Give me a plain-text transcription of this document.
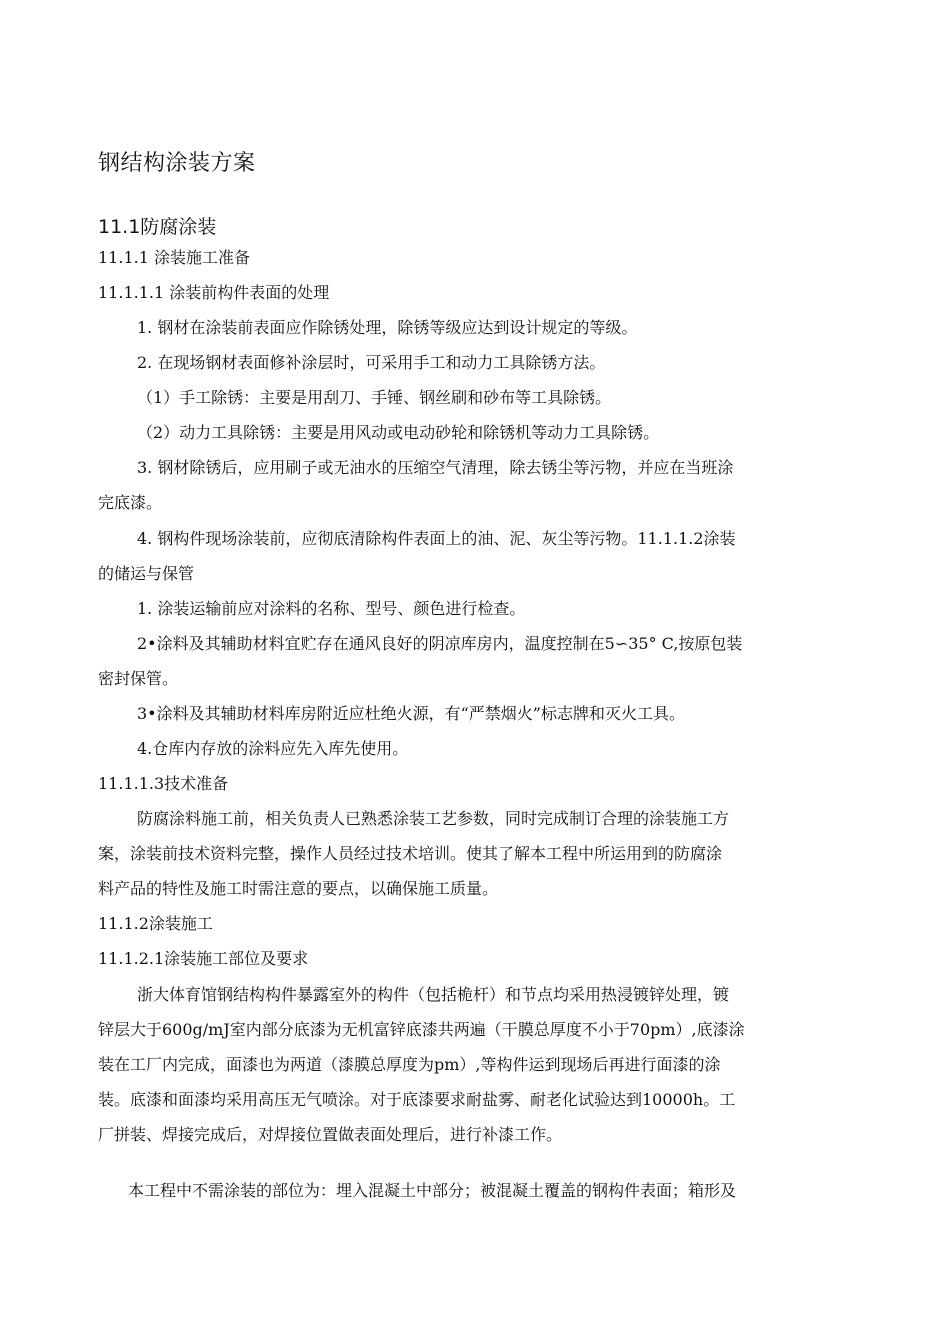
钢结构涂装方案
11.1防腐涂装
11.1.1 涂装施工准备
11.1.1.1 涂装前构件表面的处理
1. 钢材在涂装前表面应作除锈处理，除锈等级应达到设计规定的等级。
2. 在现场钢材表面修补涂层时，可采用手工和动力工具除锈方法。
（1）手工除锈：主要是用刮刀、手锤、钢丝刷和砂布等工具除锈。
（2）动力工具除锈：主要是用风动或电动砂轮和除锈机等动力工具除锈。
3. 钢材除锈后，应用刷子或无油水的压缩空气清理，除去锈尘等污物，并应在当班涂
完底漆。
4. 钢构件现场涂装前，应彻底清除构件表面上的油、泥、灰尘等污物。11.1.1.2涂装
的储运与保管
1. 涂装运输前应对涂料的名称、型号、颜色进行检查。
2•涂料及其辅助材料宜贮存在通风良好的阴凉库房内，温度控制在5∽35° C,按原包装
密封保管。
3•涂料及其辅助材料库房附近应杜绝火源，有“严禁烟火”标志牌和灭火工具。
4.仓库内存放的涂料应先入库先使用。
11.1.1.3技术准备
防腐涂料施工前，相关负责人已熟悉涂装工艺参数，同时完成制订合理的涂装施工方
案，涂装前技术资料完整，操作人员经过技术培训。使其了解本工程中所运用到的防腐涂
料产品的特性及施工时需注意的要点，以确保施工质量。
11.1.2涂装施工
11.1.2.1涂装施工部位及要求
浙大体育馆钢结构构件暴露室外的构件（包括桅杆）和节点均采用热浸镀锌处理，镀
锌层大于600g/mJ室内部分底漆为无机富锌底漆共两遍（干膜总厚度不小于70pm）,底漆涂
装在工厂内完成，面漆也为两道（漆膜总厚度为pm）,等构件运到现场后再进行面漆的涂
装。底漆和面漆均采用高压无气喷涂。对于底漆要求耐盐雾、耐老化试验达到10000h。工
厂拼装、焊接完成后，对焊接位置做表面处理后，进行补漆工作。
本工程中不需涂装的部位为：埋入混凝土中部分；被混凝土覆盖的钢构件表面；箱形及
